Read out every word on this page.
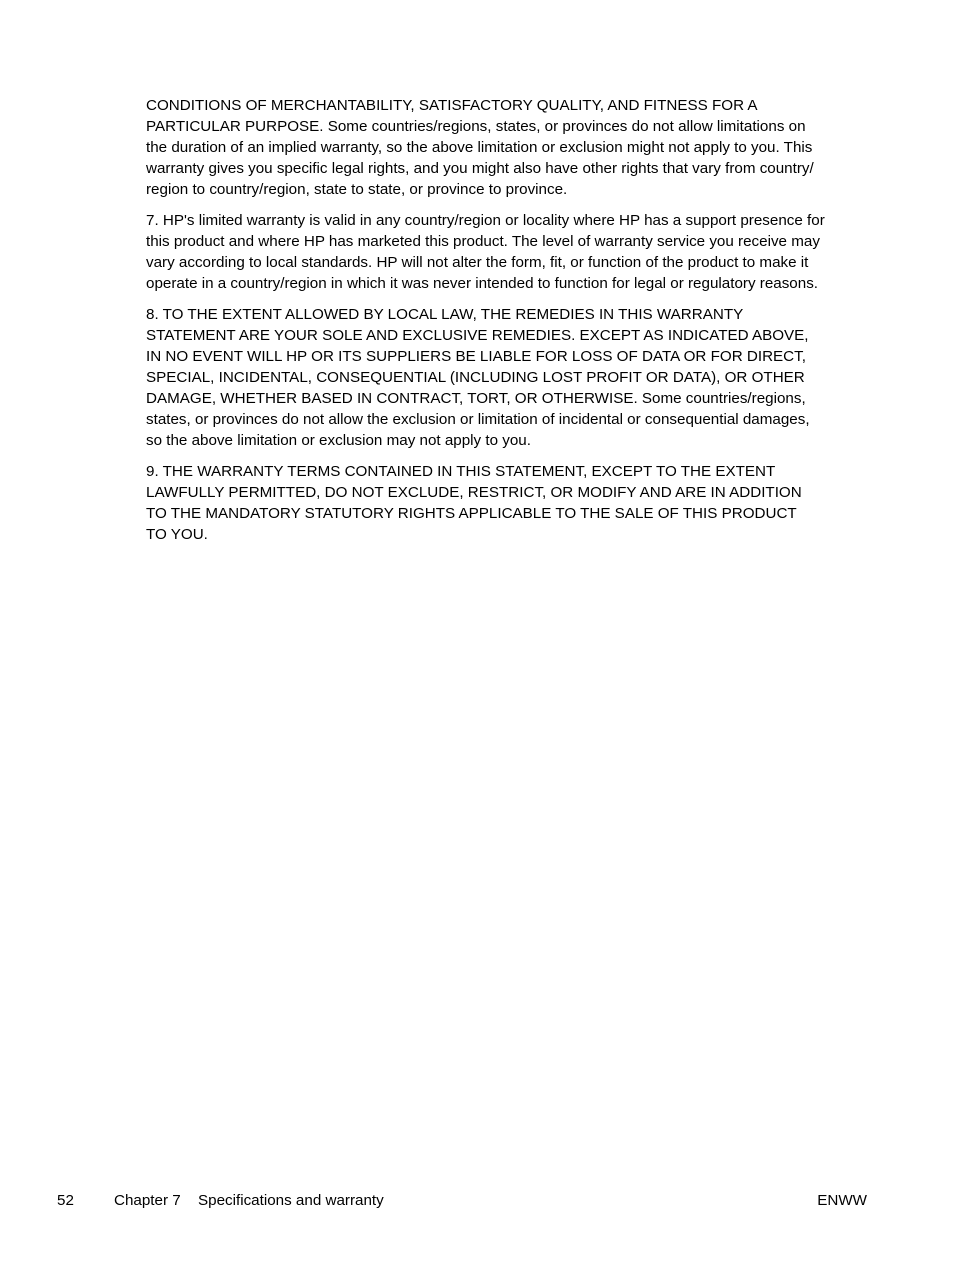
CONDITIONS OF MERCHANTABILITY, SATISFACTORY QUALITY, AND FITNESS FOR A
PARTICULAR PURPOSE. Some countries/regions, states, or provinces do not allow limitations on
the duration of an implied warranty, so the above limitation or exclusion might not apply to you. This
warranty gives you specific legal rights, and you might also have other rights that vary from country/
region to country/region, state to state, or province to province.

7. HP's limited warranty is valid in any country/region or locality where HP has a support presence for
this product and where HP has marketed this product. The level of warranty service you receive may
vary according to local standards. HP will not alter the form, fit, or function of the product to make it
operate in a country/region in which it was never intended to function for legal or regulatory reasons.

8. TO THE EXTENT ALLOWED BY LOCAL LAW, THE REMEDIES IN THIS WARRANTY
STATEMENT ARE YOUR SOLE AND EXCLUSIVE REMEDIES. EXCEPT AS INDICATED ABOVE,
IN NO EVENT WILL HP OR ITS SUPPLIERS BE LIABLE FOR LOSS OF DATA OR FOR DIRECT,
SPECIAL, INCIDENTAL, CONSEQUENTIAL (INCLUDING LOST PROFIT OR DATA), OR OTHER
DAMAGE, WHETHER BASED IN CONTRACT, TORT, OR OTHERWISE. Some countries/regions,
states, or provinces do not allow the exclusion or limitation of incidental or consequential damages,
so the above limitation or exclusion may not apply to you.

9. THE WARRANTY TERMS CONTAINED IN THIS STATEMENT, EXCEPT TO THE EXTENT
LAWFULLY PERMITTED, DO NOT EXCLUDE, RESTRICT, OR MODIFY AND ARE IN ADDITION
TO THE MANDATORY STATUTORY RIGHTS APPLICABLE TO THE SALE OF THIS PRODUCT
TO YOU.

52	Chapter 7 Specifications and warranty	ENWW
